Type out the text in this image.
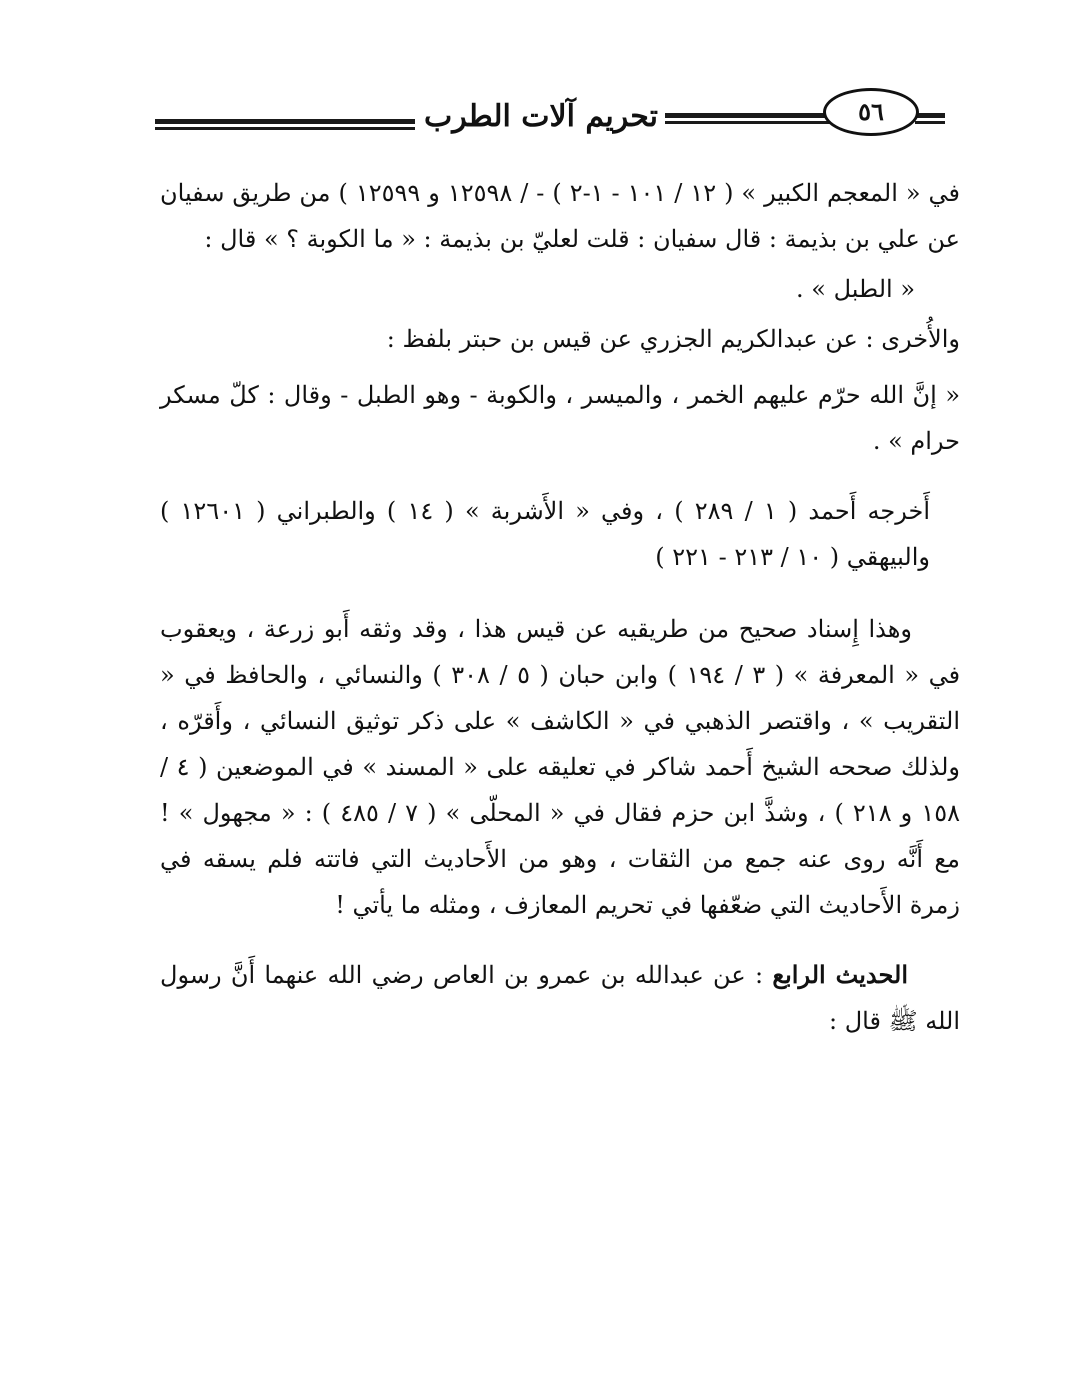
تحريم آلات الطرب	٥٦

في « المعجم الكبير » ( ١٢ / ١٠١ - ١-٢ ) - / ١٢٥٩٨ و ١٢٥٩٩ ) من طريق سفيان عن علي بن بذيمة : قال سفيان : قلت لعليّ بن بذيمة : « ما الكوبة ؟ » قال :

« الطبل » .

والأُخرى : عن عبدالكريم الجزري عن قيس بن حبتر بلفظ :

« إنَّ الله حرّم عليهم الخمر ، والميسر ، والكوبة - وهو الطبل - وقال : كلّ مسكر حرام » .

أَخرجه أَحمد ( ١ / ٢٨٩ ) ، وفي « الأَشربة » ( ١٤ ) والطبراني ( ١٢٦٠١ ) والبيهقي ( ١٠ / ٢١٣ - ٢٢١ )

وهذا إِسناد صحيح من طريقيه عن قيس هذا ، وقد وثقه أَبو زرعة ، ويعقوب في « المعرفة » ( ٣ / ١٩٤ ) وابن حبان ( ٥ / ٣٠٨ ) والنسائي ، والحافظ في « التقريب » ، واقتصر الذهبي في « الكاشف » على ذكر توثيق النسائي ، وأَقرّه ، ولذلك صححه الشيخ أَحمد شاكر في تعليقه على « المسند » في الموضعين ( ٤ / ١٥٨ و ٢١٨ ) ، وشذَّ ابن حزم فقال في « المحلّى » ( ٧ / ٤٨٥ ) : « مجهول » ! مع أَنَّه روى عنه جمع من الثقات ، وهو من الأَحاديث التي فاتته فلم يسقه في زمرة الأَحاديث التي ضعّفها في تحريم المعازف ، ومثله ما يأتي !

الحديث الرابع : عن عبدالله بن عمرو بن العاص رضي الله عنهما أَنَّ رسول الله ﷺ قال :
